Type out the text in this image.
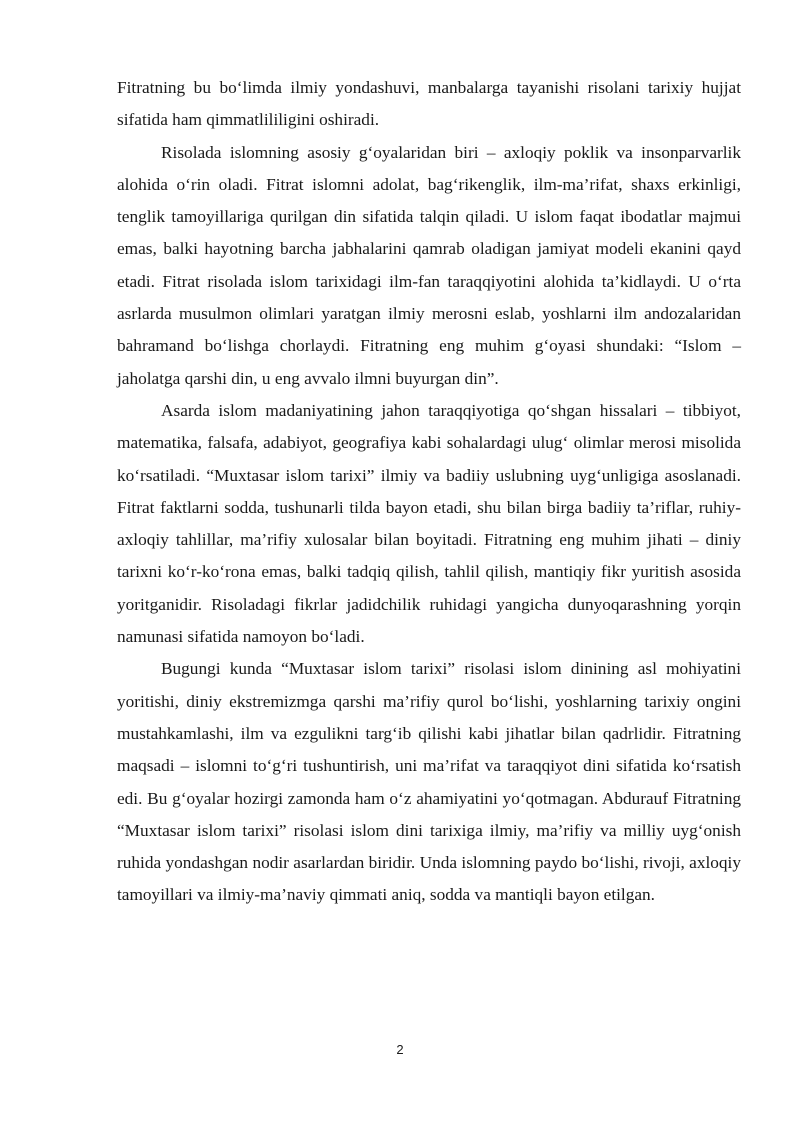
Fitratning bu bo‘limda ilmiy yondashuvi, manbalarga tayanishi risolani tarixiy hujjat sifatida ham qimmatlililigini oshiradi.

Risolada islomning asosiy g‘oyalaridan biri – axloqiy poklik va insonparvarlik alohida o‘rin oladi. Fitrat islomni adolat, bag‘rikenglik, ilm-ma’rifat, shaxs erkinligi, tenglik tamoyillariga qurilgan din sifatida talqin qiladi. U islom faqat ibodatlar majmui emas, balki hayotning barcha jabhalarini qamrab oladigan jamiyat modeli ekanini qayd etadi. Fitrat risolada islom tarixidagi ilm-fan taraqqiyotini alohida ta’kidlaydi. U o‘rta asrlarda musulmon olimlari yaratgan ilmiy merosni eslab, yoshlarni ilm andozalaridan bahramand bo‘lishga chorlaydi. Fitratning eng muhim g‘oyasi shundaki: “Islom – jaholatga qarshi din, u eng avvalo ilmni buyurgan din”.

Asarda islom madaniyatining jahon taraqqiyotiga qo‘shgan hissalari – tibbiyot, matematika, falsafa, adabiyot, geografiya kabi sohalardagi ulug‘ olimlar merosi misolida ko‘rsatiladi. “Muxtasar islom tarixi” ilmiy va badiiy uslubning uyg‘unligiga asoslanadi. Fitrat faktlarni sodda, tushunarli tilda bayon etadi, shu bilan birga badiiy ta’riflar, ruhiy-axloqiy tahlillar, ma’rifiy xulosalar bilan boyitadi. Fitratning eng muhim jihati – diniy tarixni ko‘r-ko‘rona emas, balki tadqiq qilish, tahlil qilish, mantiqiy fikr yuritish asosida yoritganidir. Risoladagi fikrlar jadidchilik ruhidagi yangicha dunyoqarashning yorqin namunasi sifatida namoyon bo‘ladi.

Bugungi kunda “Muxtasar islom tarixi” risolasi islom dinining asl mohiyatini yoritishi, diniy ekstremizmga qarshi ma’rifiy qurol bo‘lishi, yoshlarning tarixiy ongini mustahkamlashi, ilm va ezgulikni targ‘ib qilishi kabi jihatlar bilan qadrlidir. Fitratning maqsadi – islomni to‘g‘ri tushuntirish, uni ma’rifat va taraqqiyot dini sifatida ko‘rsatish edi. Bu g‘oyalar hozirgi zamonda ham o‘z ahamiyatini yo‘qotmagan. Abdurauf Fitratning “Muxtasar islom tarixi” risolasi islom dini tarixiga ilmiy, ma’rifiy va milliy uyg‘onish ruhida yondashgan nodir asarlardan biridir. Unda islomning paydo bo‘lishi, rivoji, axloqiy tamoyillari va ilmiy-ma’naviy qimmati aniq, sodda va mantiqli bayon etilgan.

2
